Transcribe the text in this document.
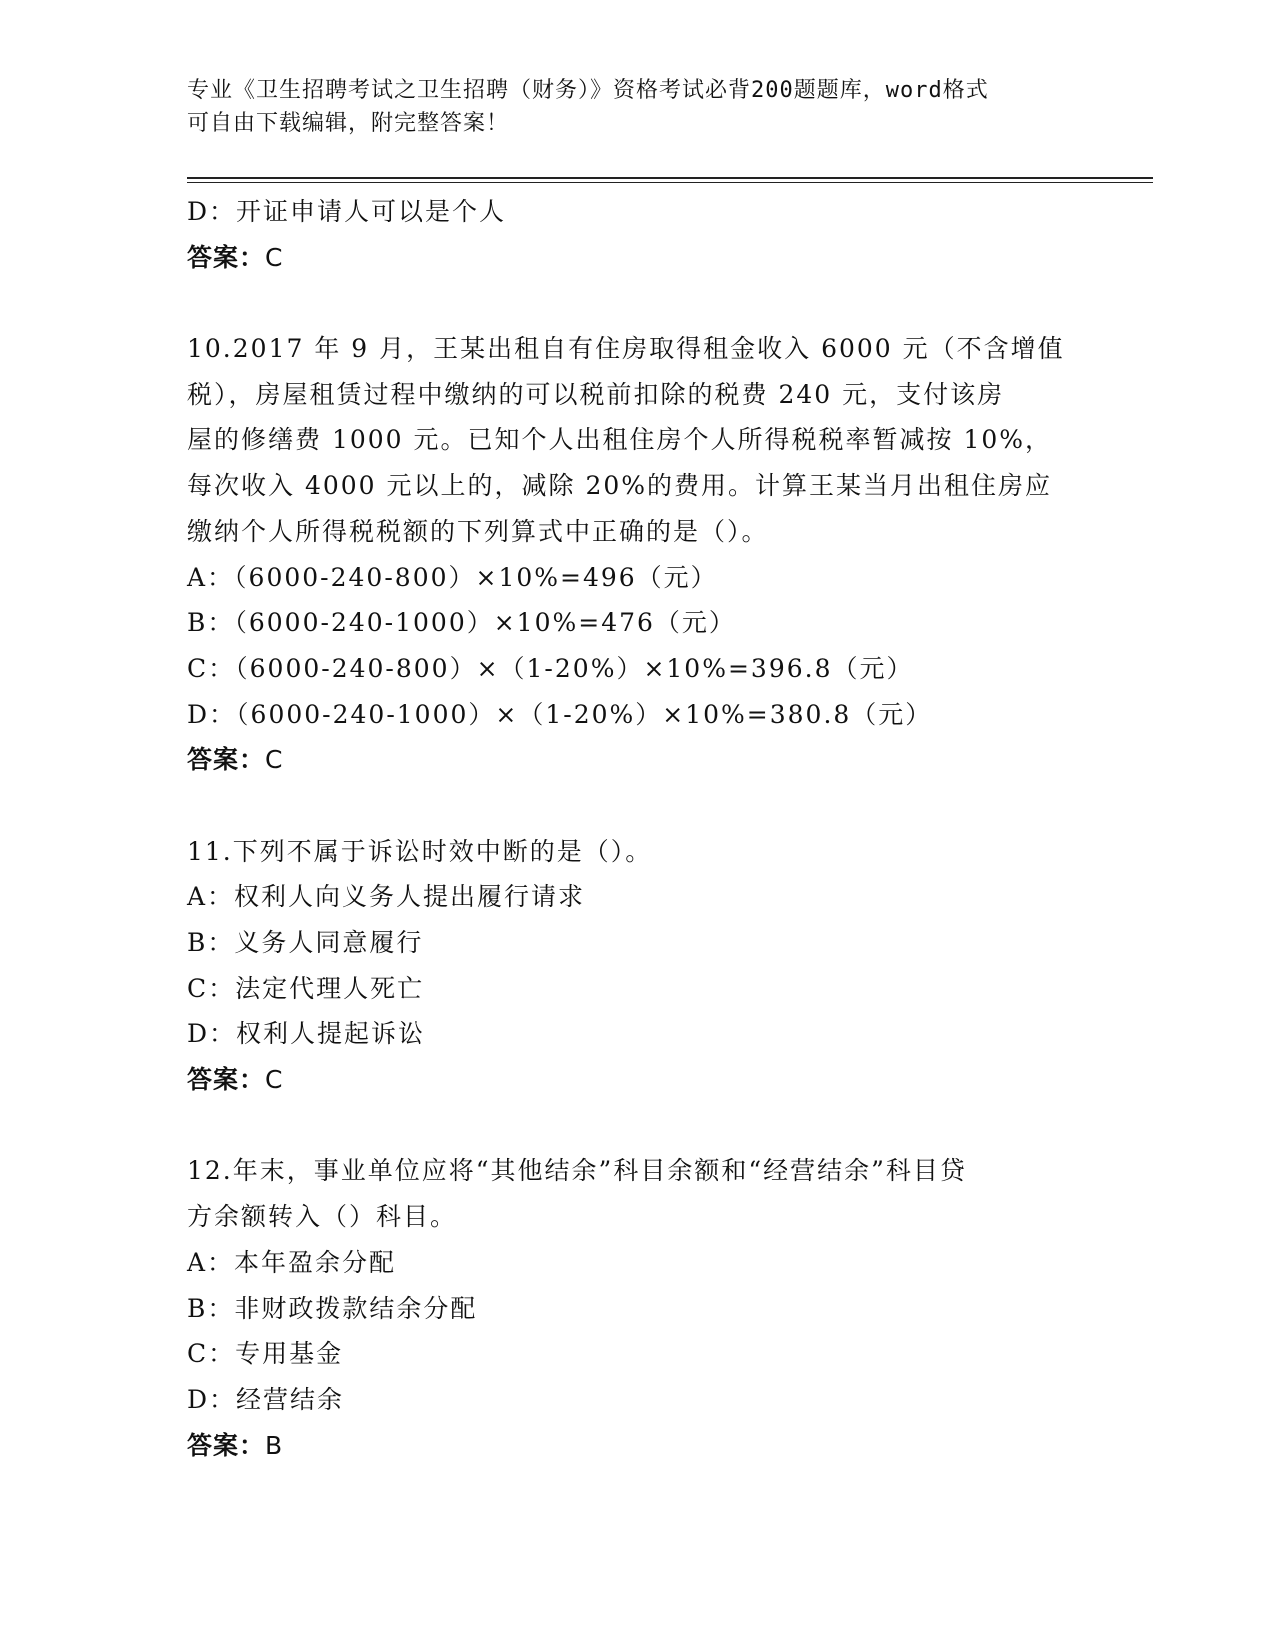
专业《卫生招聘考试之卫生招聘（财务）》资格考试必背200题题库，word格式
可自由下载编辑，附完整答案！
D：开证申请人可以是个人
答案：C
10.2017 年 9 月，王某出租自有住房取得租金收入 6000 元（不含增值
税），房屋租赁过程中缴纳的可以税前扣除的税费 240 元，支付该房
屋的修缮费 1000 元。已知个人出租住房个人所得税税率暂减按 10%，
每次收入 4000 元以上的，减除 20%的费用。计算王某当月出租住房应
缴纳个人所得税税额的下列算式中正确的是（）。
A：（6000-240-800）×10%=496（元）
B：（6000-240-1000）×10%=476（元）
C：（6000-240-800）×（1-20%）×10%=396.8（元）
D：（6000-240-1000）×（1-20%）×10%=380.8（元）
答案：C
11.下列不属于诉讼时效中断的是（）。
A：权利人向义务人提出履行请求
B：义务人同意履行
C：法定代理人死亡
D：权利人提起诉讼
答案：C
12.年末，事业单位应将“其他结余”科目余额和“经营结余”科目贷
方余额转入（）科目。
A：本年盈余分配
B：非财政拨款结余分配
C：专用基金
D：经营结余
答案：B
